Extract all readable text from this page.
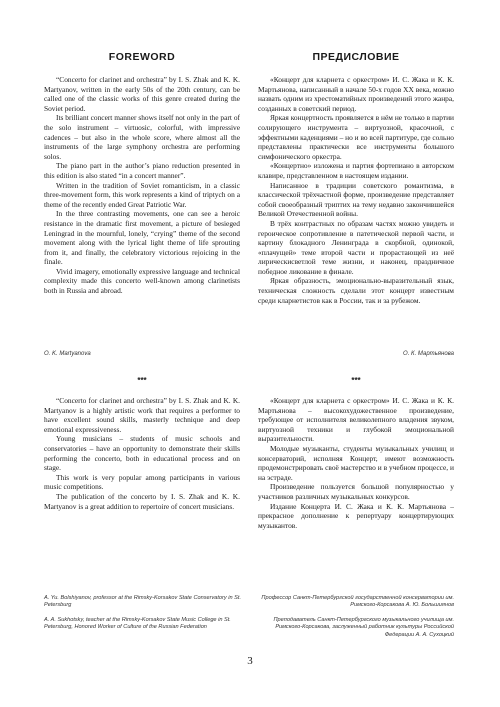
FOREWORD	ПРЕДИСЛОВИЕ

“Concerto for clarinet and orchestra” by I. S. Zhak and K. K. Martyanov, written in the early 50s of the 20th century, can be called one of the classic works of this genre created during the Soviet period.

Its brilliant concert manner shows itself not only in the part of the solo instrument – virtuosic, colorful, with impressive cadences – but also in the whole score, where almost all the instruments of the large symphony orchestra are performing solos.

The piano part in the author’s piano reduction presented in this edition is also stated “in a concert manner”.

Written in the tradition of Soviet romanticism, in a classic three-movement form, this work represents a kind of triptych on a theme of the recently ended Great Patriotic War.

In the three contrasting movements, one can see a heroic resistance in the dramatic first movement, a picture of besieged Leningrad in the mournful, lonely, “crying” theme of the second movement along with the lyrical light theme of life sprouting from it, and finally, the celebratory victorious rejoicing in the finale.

Vivid imagery, emotionally expressive language and technical complexity made this concerto well-known among clarinetists both in Russia and abroad.

«Концерт для кларнета с оркестром» И. С. Жака и К. К. Мартьянова, написанный в начале 50-х годов XX века, можно назвать одним из хрестоматийных произведений этого жанра, созданных в советский период.

Яркая концертность проявляется в нём не только в партии солирующего инструмента – виртуозной, красочной, с эффектными каденциями – но и во всей партитуре, где сольно представлены практически все инструменты большого симфонического оркестра.

«Концертно» изложена и партия фортепиано в авторском клавире, представленном в настоящем издании.

Написанное в традиции советского романтизма, в классической трёхчастной форме, произведение представляет собой своеобразный триптих на тему недавно закончившейся Великой Отечественной войны.

В трёх контрастных по образам частях можно увидеть и героическое сопротивление в патетической первой части, и картину блокадного Ленинграда в скорбной, одинокой, «плачущей» теме второй части и прорастающей из неё лирическисветлой теме жизни, и наконец, праздничное победное ликование в финале.

Яркая образность, эмоционально-выразительный язык, техническая сложность сделали этот концерт известным среди кларнетистов как в России, так и за рубежом.

O. K. Martyanova	О. К. Мартьянова
***	***

“Concerto for clarinet and orchestra” by I. S. Zhak and K. K. Martyanov is a highly artistic work that requires a performer to have excellent sound skills, masterly technique and deep emotional expressiveness.

Young musicians – students of music schools and conservatories – have an opportunity to demonstrate their skills performing the concerto, both in educational process and on stage.

This work is very popular among participants in various music competitions.

The publication of the concerto by I. S. Zhak and K. K. Martyanov is a great addition to repertoire of concert musicians.

«Концерт для кларнета с оркестром» И. С. Жака и К. К. Мартьянова – высокохудожественное произведение, требующее от исполнителя великолепного владения звуком, виртуозной техники и глубокой эмоциональной выразительности.

Молодые музыканты, студенты музыкальных училищ и консерваторий, исполняя Концерт, имеют возможность продемонстрировать своё мастерство и в учебном процессе, и на эстраде.

Произведение пользуется большой популярностью у участников различных музыкальных конкурсов.

Издание Концерта И. С. Жака и К. К. Мартьянова – прекрасное дополнение к репертуару концертирующих музыкантов.

A. Yu. Bolshiyanov, professor at the Rimsky-Korsakov State Conservatory in St. Petersburg
A. A. Sukhotsky, teacher at the Rimsky-Korsakov State Music College in St. Petersburg, Honored Worker of Culture of the Russian Federation
Профессор Санкт-Петербургской государственной консерватории им. Римского-Корсакова А. Ю. Большиянов
Преподаватель Санкт-Петербургского музыкального училища им. Римского-Корсакова, заслуженный работник культуры Российской Федерации А. А. Сухоцкий
3
